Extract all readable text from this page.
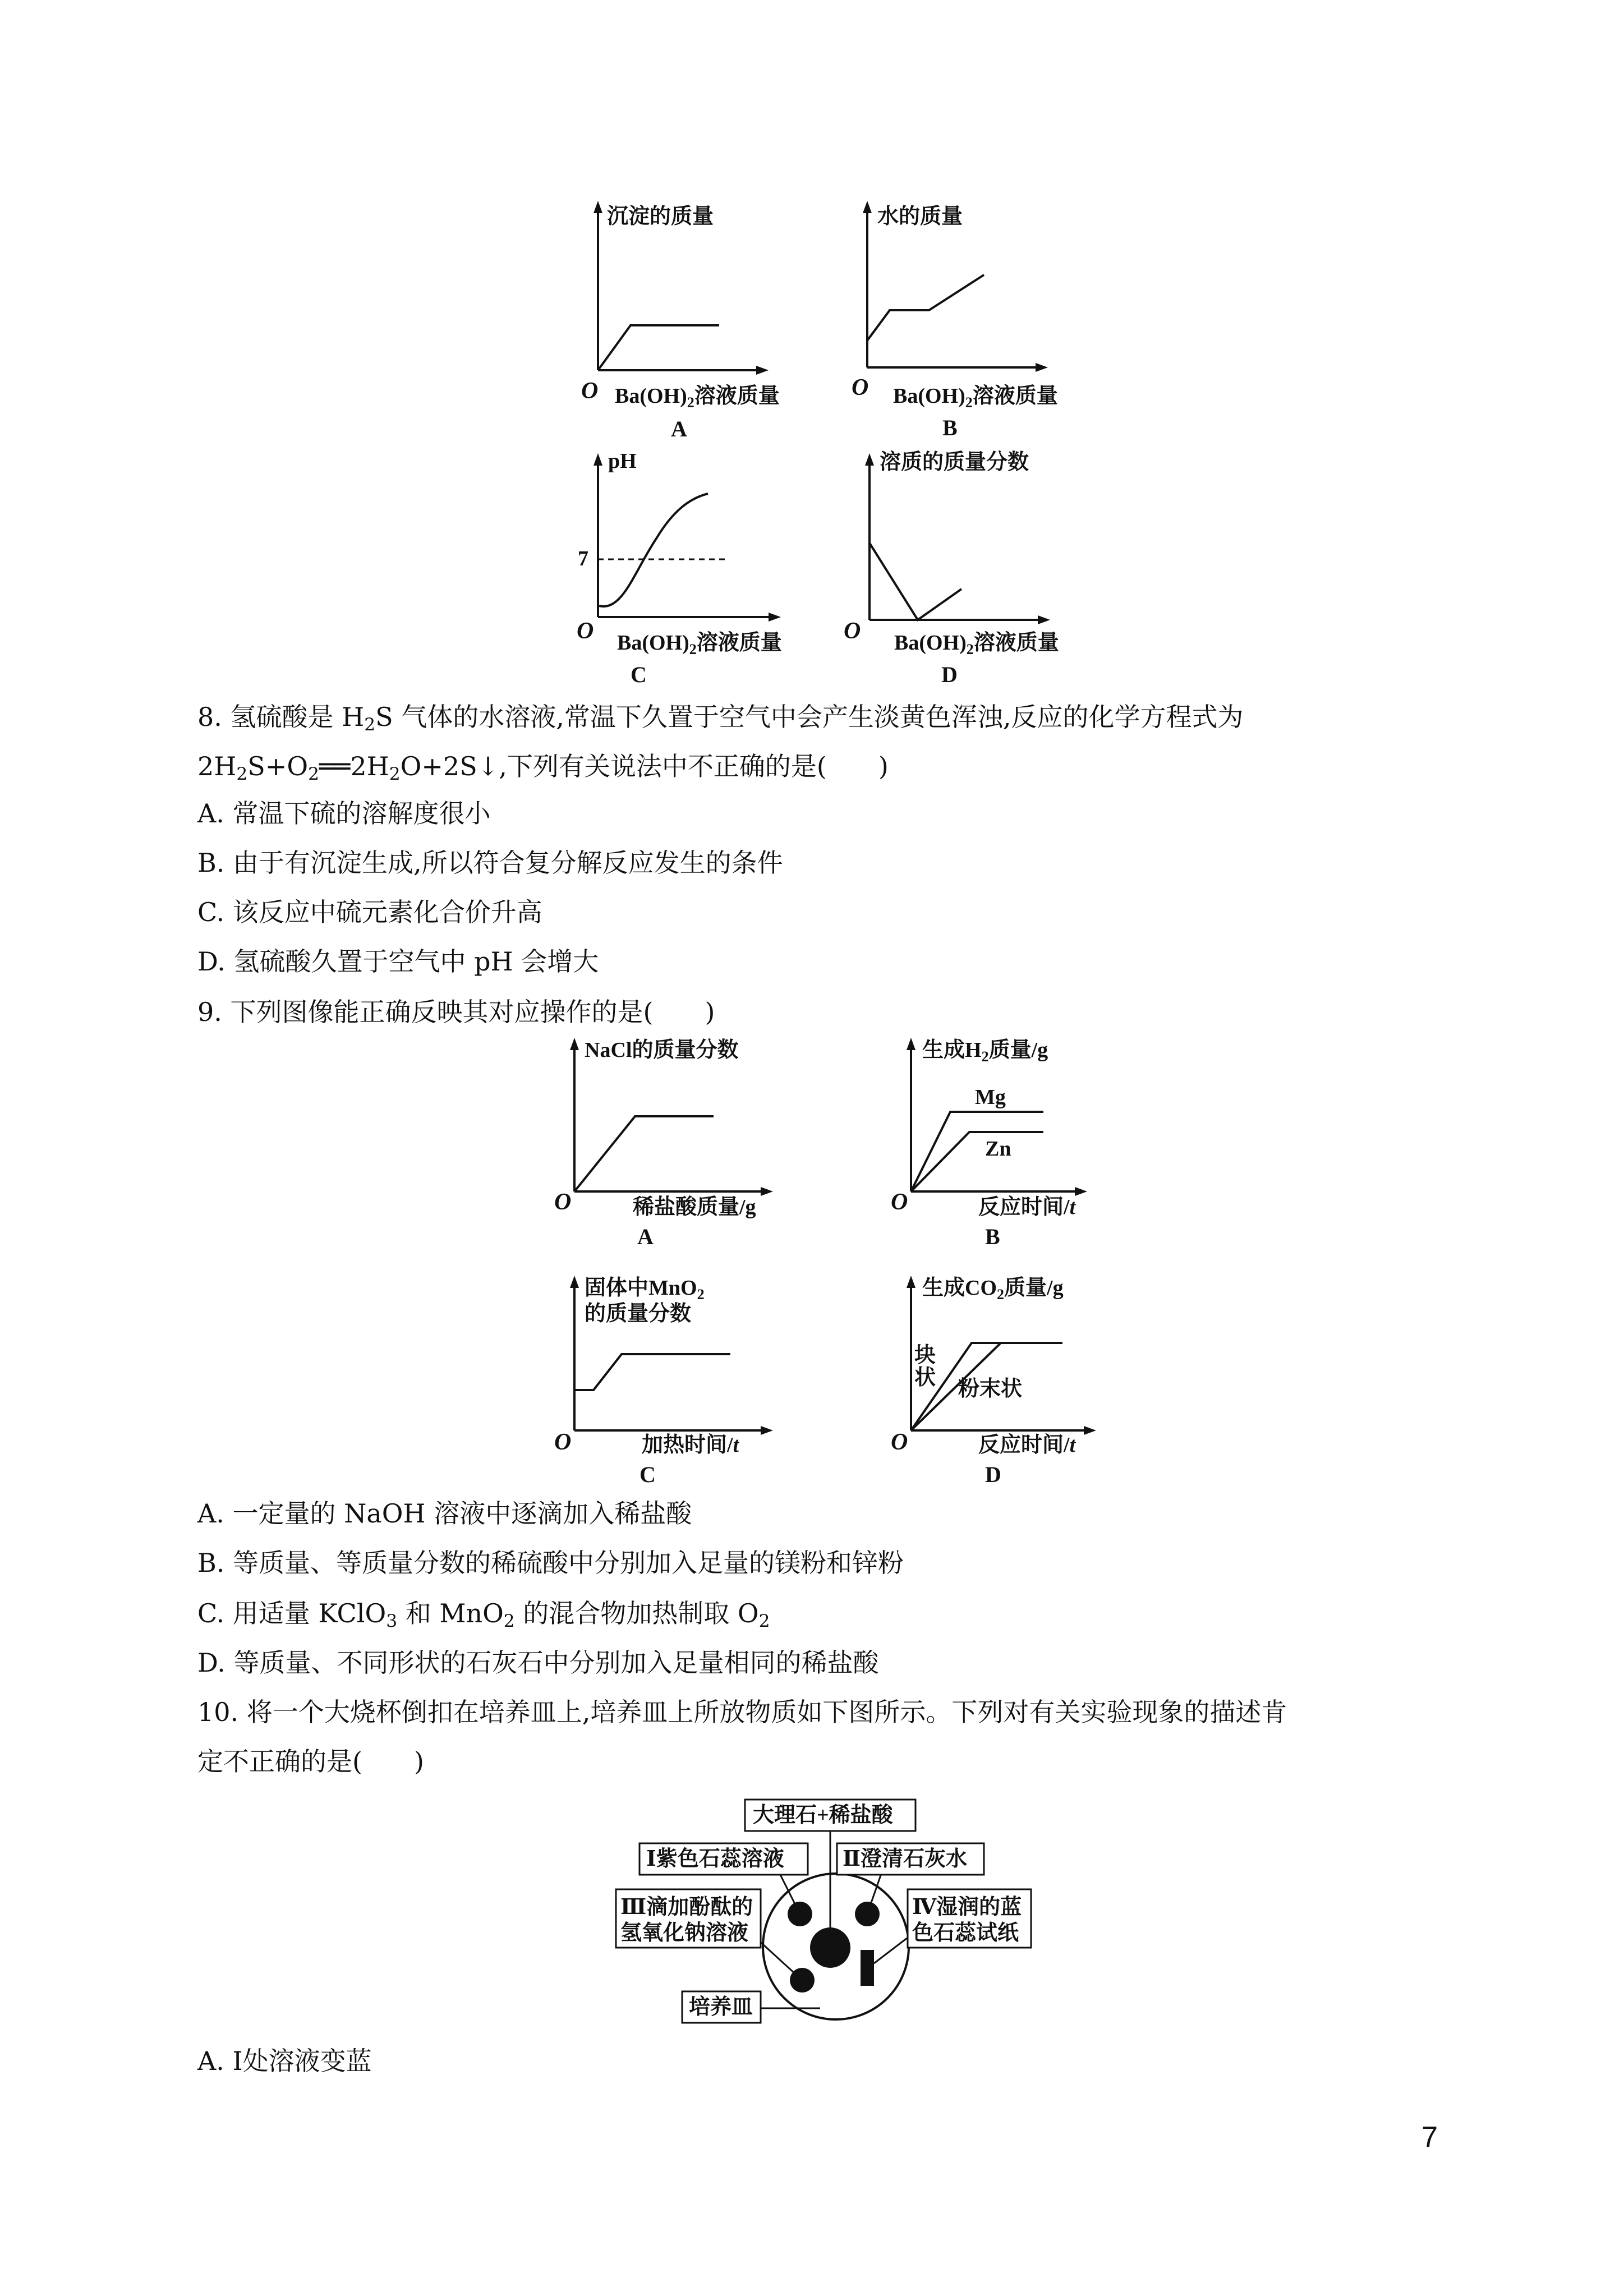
沉淀的质量
O $Ba(OH)_2$溶液质量
A
水的质量
O $Ba(OH)_2$溶液质量
B
pH
7
O $Ba(OH)_2$溶液质量
C
溶质的质量分数
O $Ba(OH)_2$溶液质量
D
8. 氢硫酸是 $H_2S$ 气体的水溶液,常温下久置于空气中会产生淡黄色浑浊,反应的化学方程式为
$2H_2S+O_2══2H_2O+2S↓$,下列有关说法中不正确的是(　　)
A. 常温下硫的溶解度很小
B. 由于有沉淀生成,所以符合复分解反应发生的条件
C. 该反应中硫元素化合价升高
D. 氢硫酸久置于空气中 pH 会增大
9. 下列图像能正确反映其对应操作的是(　　)
NaCl的质量分数
O	稀盐酸质量/g
A
生成$H_2$质量/g
Mg
Zn
O	反应时间/t
B
固体中MnO$_2$
的质量分数
O	加热时间/t
C
生成$CO_2$质量/g
块
状 粉末状
O	反应时间/t
D
A. 一定量的 NaOH 溶液中逐滴加入稀盐酸
B. 等质量、等质量分数的稀硫酸中分别加入足量的镁粉和锌粉
C. 用适量 KClO$_3$ 和 MnO$_2$ 的混合物加热制取 $O_2$
D. 等质量、不同形状的石灰石中分别加入足量相同的稀盐酸
10. 将一个大烧杯倒扣在培养皿上,培养皿上所放物质如下图所示。下列对有关实验现象的描述肯
定不正确的是(　　)
大理石+稀盐酸
Ⅰ紫色石蕊溶液	Ⅱ澄清石灰水
Ⅲ滴加酚酞的
氢氧化钠溶液
Ⅳ湿润的蓝
色石蕊试纸
培养皿
A. Ⅰ处溶液变蓝
7
